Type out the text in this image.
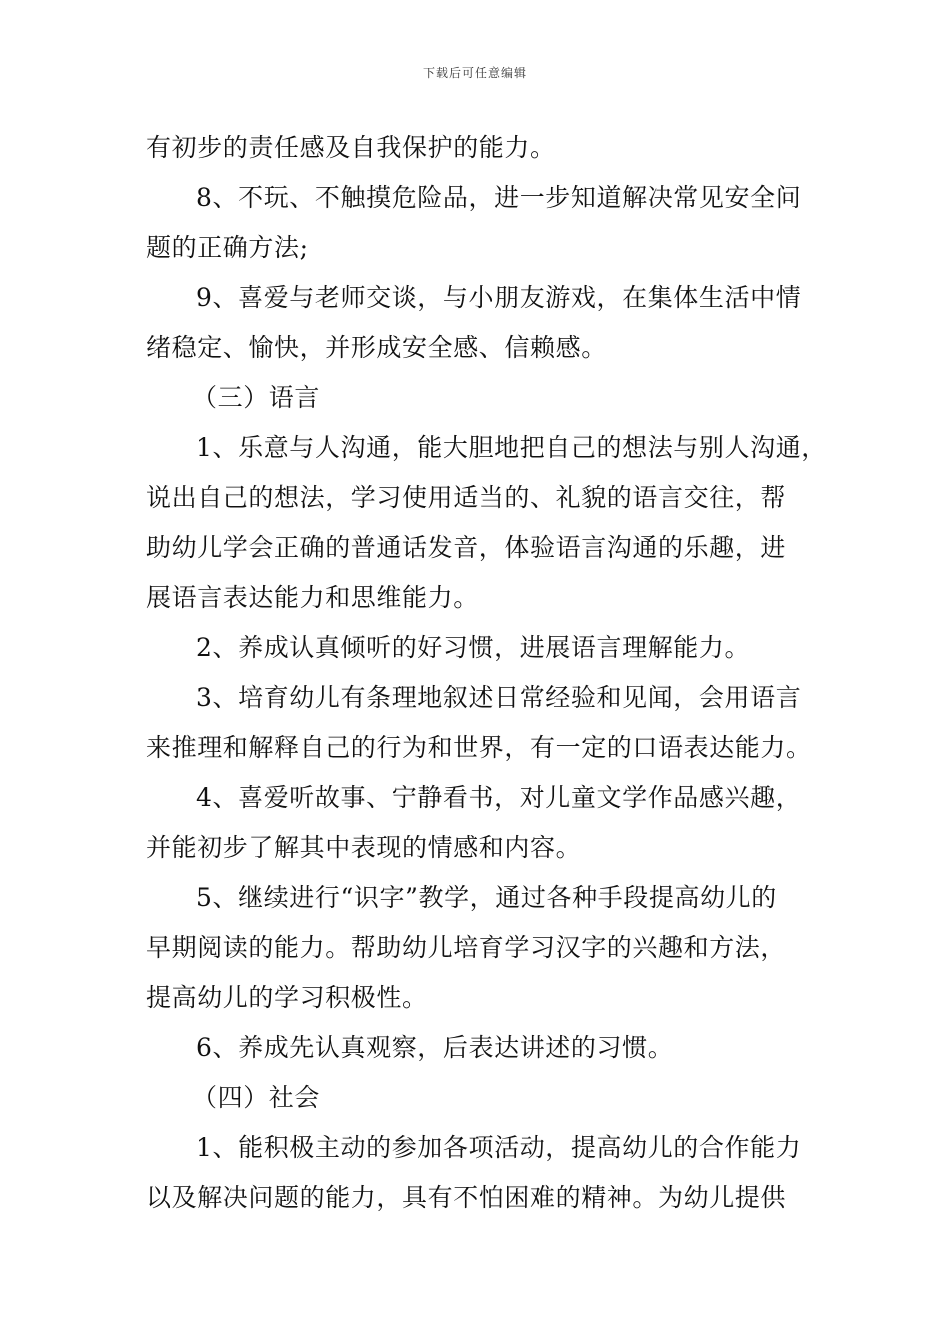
下载后可任意编辑
有初步的责任感及自我保护的能力。
8、不玩、不触摸危险品，进一步知道解决常见安全问
题的正确方法;
9、喜爱与老师交谈，与小朋友游戏，在集体生活中情
绪稳定、愉快，并形成安全感、信赖感。
（三）语言
1、乐意与人沟通，能大胆地把自己的想法与别人沟通，
说出自己的想法，学习使用适当的、礼貌的语言交往，帮
助幼儿学会正确的普通话发音，体验语言沟通的乐趣，进
展语言表达能力和思维能力。
2、养成认真倾听的好习惯，进展语言理解能力。
3、培育幼儿有条理地叙述日常经验和见闻，会用语言
来推理和解释自己的行为和世界，有一定的口语表达能力。
4、喜爱听故事、宁静看书，对儿童文学作品感兴趣，
并能初步了解其中表现的情感和内容。
5、继续进行“识字”教学，通过各种手段提高幼儿的
早期阅读的能力。帮助幼儿培育学习汉字的兴趣和方法，
提高幼儿的学习积极性。
6、养成先认真观察，后表达讲述的习惯。
（四）社会
1、能积极主动的参加各项活动，提高幼儿的合作能力
以及解决问题的能力，具有不怕困难的精神。为幼儿提供
